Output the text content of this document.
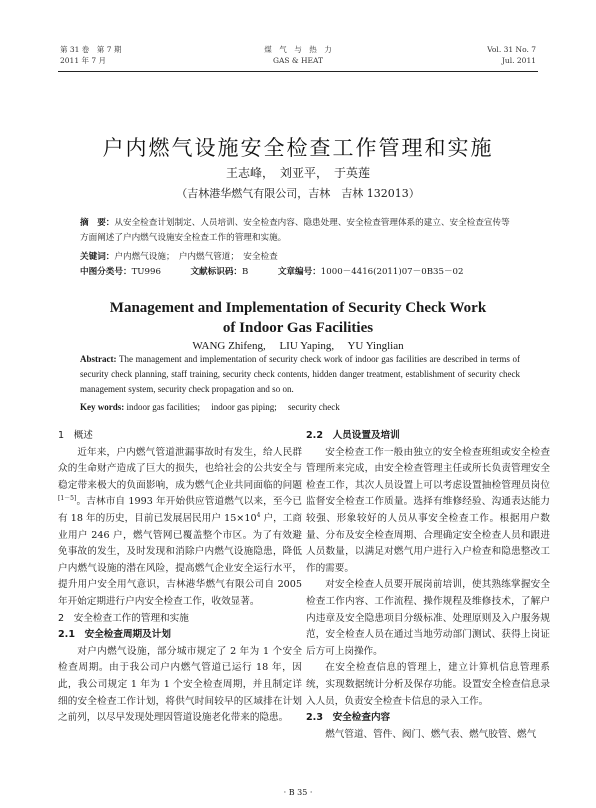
第 31 卷　第 7 期
2011 年 7 月
煤　气　与　热　力
GAS & HEAT
Vol. 31 No. 7
Jul. 2011
户内燃气设施安全检查工作管理和实施
王志峰，　刘亚平，　于英莲
（吉林港华燃气有限公司，吉林　吉林 132013）
摘　要：从安全检查计划制定、人员培训、安全检查内容、隐患处理、安全检查管理体系的建立、安全检查宣传等方面阐述了户内燃气设施安全检查工作的管理和实施。
关键词：户内燃气设施；　户内燃气管道；　安全检查
中图分类号：TU996	文献标识码：B	文章编号：1000－4416(2011)07－0B35－02
Management and Implementation of Security Check Work
of Indoor Gas Facilities
WANG Zhifeng,　 LIU Yaping,　 YU Yinglian
Abstract: The management and implementation of security check work of indoor gas facilities are described in terms of security check planning, staff training, security check contents, hidden danger treatment, establishment of security check management system, security check propagation and so on.
Key words: indoor gas facilities;　 indoor gas piping;　 security check
1　概述

近年来，户内燃气管道泄漏事故时有发生，给人民群众的生命财产造成了巨大的损失，也给社会的公共安全与稳定带来极大的负面影响，成为燃气企业共同面临的问题[1－5]。吉林市自 1993 年开始供应管道燃气以来，至今已有 18 年的历史，目前已发展居民用户 $15\times 10^4$ 户，工商业用户 246 户，燃气管网已覆盖整个市区。为了有效避免事故的发生，及时发现和消除户内燃气设施隐患，降低户内燃气设施的潜在风险，提高燃气企业安全运行水平，提升用户安全用气意识，吉林港华燃气有限公司自 2005 年开始定期进行户内安全检查工作，收效显著。

2　安全检查工作的管理和实施
2.1　安全检查周期及计划

对户内燃气设施，部分城市规定了 2 年为 1 个安全检查周期。由于我公司户内燃气管道已运行 18 年，因此，我公司规定 1 年为 1 个安全检查周期，并且制定详细的安全检查工作计划，将供气时间较早的区域排在计划之前列，以尽早发现处理因管道设施老化带来的隐患。

2.2　人员设置及培训

安全检查工作一般由独立的安全检查班组或安全检查管理所来完成，由安全检查管理主任或所长负责管理安全检查工作，其次人员设置上可以考虑设置抽检管理员岗位监督安全检查工作质量。选择有维修经验、沟通表达能力较强、形象较好的人员从事安全检查工作。根据用户数量、分布及安全检查周期、合理确定安全检查人员和跟进人员数量，以满足对燃气用户进行入户检查和隐患整改工作的需要。

对安全检查人员要开展岗前培训，使其熟练掌握安全检查工作内容、工作流程、操作规程及维修技术，了解户内违章及安全隐患项目分级标准、处理原则及入户服务规范，安全检查人员在通过当地劳动部门测试、获得上岗证后方可上岗操作。

在安全检查信息的管理上，建立计算机信息管理系统，实现数据统计分析及保存功能。设置安全检查信息录入人员，负责安全检查卡信息的录入工作。

2.3　安全检查内容

燃气管道、管件、阀门、燃气表、燃气胶管、燃气

· B 35 ·
